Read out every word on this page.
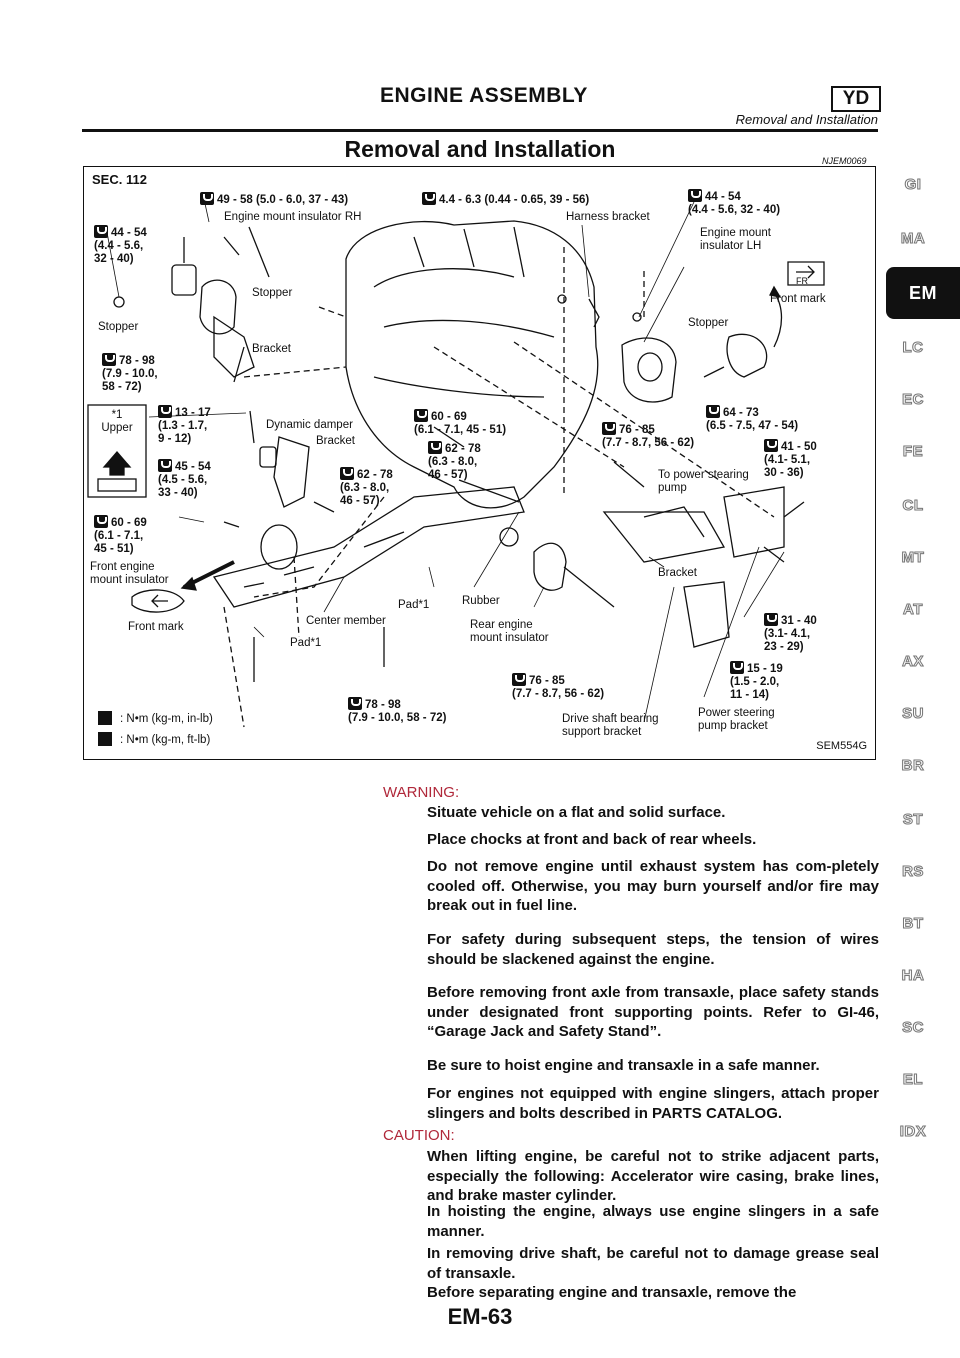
ENGINE ASSEMBLY	YD
Removal and Installation
Removal and Installation	NJEM0069
SEC. 112
49 - 58 (5.0 - 6.0, 37 - 43)	4.4 - 6.3 (0.44 - 0.65, 39 - 56)	44 - 54
(4.4 - 5.6, 32 - 40)
44 - 54
(4.4 - 5.6,
32 - 40)
78 - 98
(7.9 - 10.0,
58 - 72)
13 - 17
(1.3 - 1.7,
9 - 12)
45 - 54
(4.5 - 5.6,
33 - 40)
60 - 69
(6.1 - 7.1,
45 - 51)
60 - 69
(6.1 - 7.1, 45 - 51)
62 - 78
(6.3 - 8.0,
46 - 57)
62 - 78
(6.3 - 8.0,
46 - 57)
76 - 85
(7.7 - 8.7, 56 - 62)
64 - 73
(6.5 - 7.5, 47 - 54)
41 - 50
(4.1- 5.1,
30 - 36)
31 - 40
(3.1- 4.1,
23 - 29)
15 - 19
(1.5 - 2.0,
11 - 14)
76 - 85
(7.7 - 8.7, 56 - 62)
78 - 98
(7.9 - 10.0, 58 - 72)
Engine mount insulator RH	Harness bracket
Engine mount
insulator LH
Stopper
Stopper
Bracket
FR
Front mark
Stopper
*1
Upper	Dynamic damper
Bracket
To power stearing
pump
Front engine
mount insulator
Front mark
Pad*1
Center member
Pad*1
Rubber
Rear engine
mount insulator
Bracket
Drive shaft bearing
support bracket
Power steering
pump bracket
: N•m (kg-m, in-lb)
: N•m (kg-m, ft-lb)	SEM554G
GI
MA
EM
LC
EC
FE
CL
MT
AT
AX
SU
BR
ST
RS
BT
HA
SC
EL
IDX
WARNING:
Situate vehicle on a flat and solid surface.
Place chocks at front and back of rear wheels.
Do not remove engine until exhaust system has com-pletely cooled off. Otherwise, you may burn yourself and/or fire may break out in fuel line.
For safety during subsequent steps, the tension of wires should be slackened against the engine.
Before removing front axle from transaxle, place safety stands under designated front supporting points. Refer to GI-46, “Garage Jack and Safety Stand”.
Be sure to hoist engine and transaxle in a safe manner.
For engines not equipped with engine slingers, attach proper slingers and bolts described in PARTS CATALOG.
CAUTION:
When lifting engine, be careful not to strike adjacent parts, especially the following: Accelerator wire casing, brake lines, and brake master cylinder.
In hoisting the engine, always use engine slingers in a safe manner.
In removing drive shaft, be careful not to damage grease seal of transaxle.
Before separating engine and transaxle, remove the
EM-63
